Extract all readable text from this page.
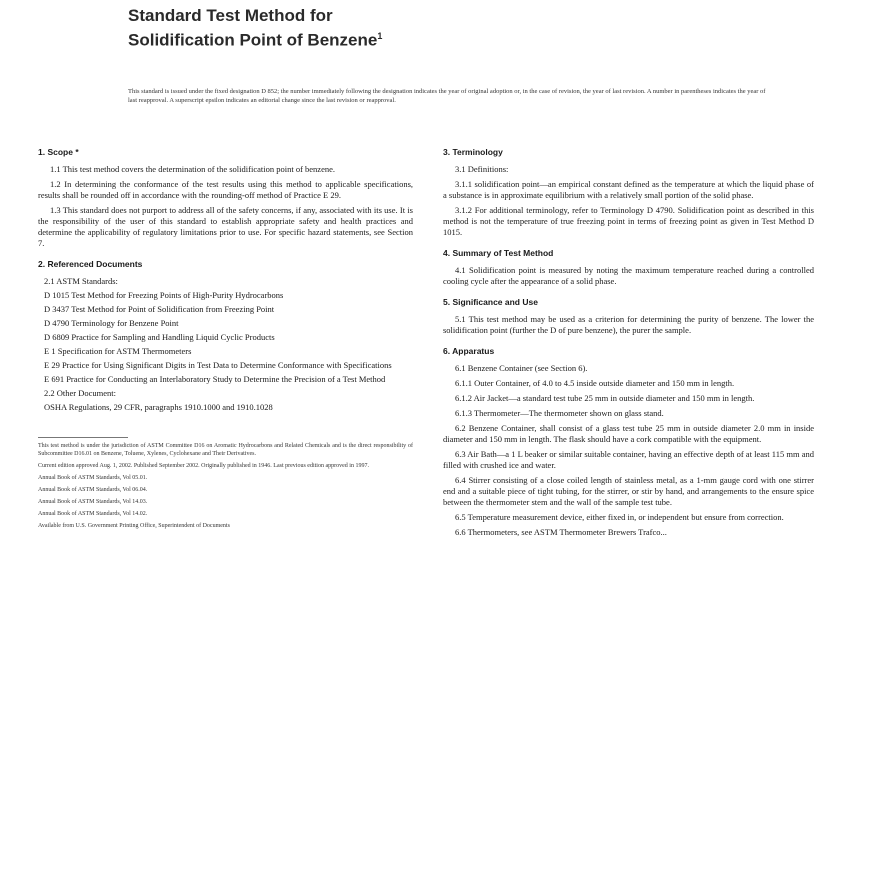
Standard Test Method for
Solidification Point of Benzene$^1$
This standard is issued under the fixed designation D 852; the number immediately following the designation indicates the year of original adoption or, in the case of revision, the year of last revision. A number in parentheses indicates the year of last reapproval. A superscript epsilon indicates an editorial change since the last revision or reapproval.
1. Scope *
1.1 This test method covers the determination of the solidification point of benzene.
1.2 In determining the conformance of the test results using this method to applicable specifications, results shall be rounded off in accordance with the rounding-off method of Practice E 29.
1.3 This standard does not purport to address all of the safety concerns, if any, associated with its use. It is the responsibility of the user of this standard to establish appropriate safety and health practices and determine the applicability of regulatory limitations prior to use. For specific hazard statements, see Section 7.
2. Referenced Documents
2.1 ASTM Standards:
D 1015 Test Method for Freezing Points of High-Purity Hydrocarbons
D 3437 Test Method for Point of Solidification from Freezing Point
D 4790 Terminology for Benzene Point
D 6809 Practice for Sampling and Handling Liquid Cyclic Products
E 1 Specification for ASTM Thermometers
E 29 Practice for Using Significant Digits in Test Data to Determine Conformance with Specifications
E 691 Practice for Conducting an Interlaboratory Study to Determine the Precision of a Test Method
2.2 Other Document:
OSHA Regulations, 29 CFR, paragraphs 1910.1000 and 1910.1028
This test method is under the jurisdiction of ASTM Committee D16 on Aromatic Hydrocarbons and Related Chemicals and is the direct responsibility of Subcommittee D16.01 on Benzene, Toluene, Xylenes, Cyclohexane and Their Derivatives.
Current edition approved Aug. 1, 2002. Published September 2002. Originally published in 1946. Last previous edition approved in 1997.
Annual Book of ASTM Standards, Vol 05.01.
Annual Book of ASTM Standards, Vol 06.04.
Annual Book of ASTM Standards, Vol 14.03.
Annual Book of ASTM Standards, Vol 14.02.
Available from U.S. Government Printing Office, Superintendent of Documents
3. Terminology
3.1 Definitions:
3.1.1 solidification point—an empirical constant defined as the temperature at which the liquid phase of a substance is in approximate equilibrium with a relatively small portion of the solid phase.
3.1.2 For additional terminology, refer to Terminology D 4790. Solidification point as described in this method is not the temperature of true freezing point in terms of freezing point as given in Test Method D 1015.
4. Summary of Test Method
4.1 Solidification point is measured by noting the maximum temperature reached during a controlled cooling cycle after the appearance of a solid phase.
5. Significance and Use
5.1 This test method may be used as a criterion for determining the purity of benzene. The lower the solidification point (further the D of pure benzene), the purer the sample.
6. Apparatus
6.1 Benzene Container (see Section 6).
6.1.1 Outer Container, of 4.0 to 4.5 inside outside diameter and 150 mm in length.
6.1.2 Air Jacket—a standard test tube 25 mm in outside diameter and 150 mm in length.
6.1.3 Thermometer—The thermometer shown on glass stand.
6.2 Benzene Container, shall consist of a glass test tube 25 mm in outside diameter 2.0 mm in inside diameter and 150 mm in length. The flask should have a cork compatible with the equipment.
6.3 Air Bath—a 1 L beaker or similar suitable container, having an effective depth of at least 115 mm and filled with crushed ice and water.
6.4 Stirrer consisting of a close coiled length of stainless metal, as a 1-mm gauge cord with one stirrer end and a suitable piece of tight tubing, for the stirrer, or stir by hand, and arrangements to the ensure spice between the thermometer stem and the wall of the sample test tube.
6.5 Temperature measurement device, either fixed in, or independent but ensure from correction.
6.6 Thermometers, see ASTM Thermometer Brewers Trafco...
